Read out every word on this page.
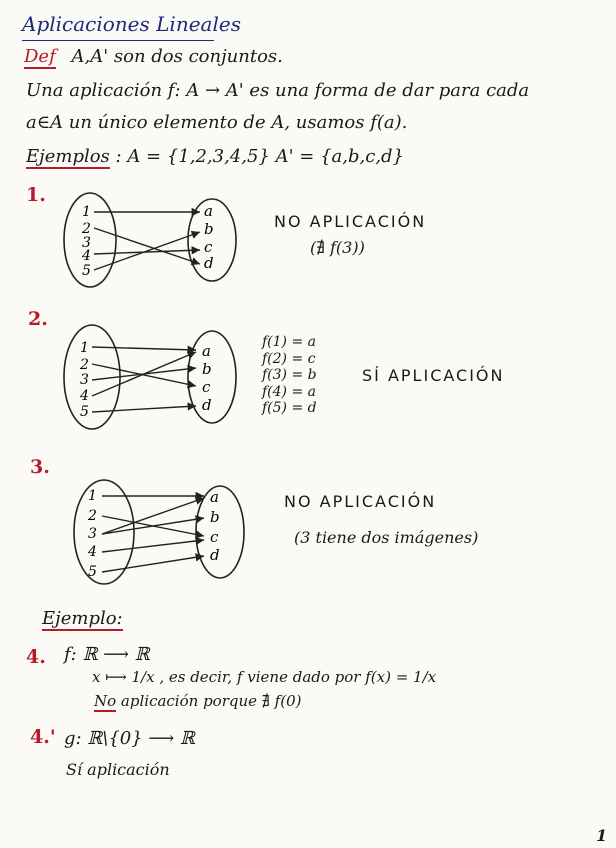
Aplicaciones Lineales
Def A,A' son dos conjuntos.
Una aplicación f: A → A' es una forma de dar para cada
a∈A un único elemento de A, usamos f(a).
Ejemplos : A = {1,2,3,4,5} A' = {a,b,c,d}
1.
1
2
3
4
5
a
b
c
d
NO APLICACIÓN
(∄ f(3))
2.
1
2
3
4
5
a
b
c
d
f(1) = a
f(2) = c
f(3) = b
f(4) = a
f(5) = d
SÍ APLICACIÓN
3.
1
2
3
4
5
a
b
c
d
NO APLICACIÓN
(3 tiene dos imágenes)
Ejemplo:
4. f: ℝ ⟶ ℝ
x ⟼ 1/x , es decir, f viene dado por f(x) = 1/x
No aplicación porque ∄ f(0)
4.' g: ℝ\{0} ⟶ ℝ
Sí aplicación
1
